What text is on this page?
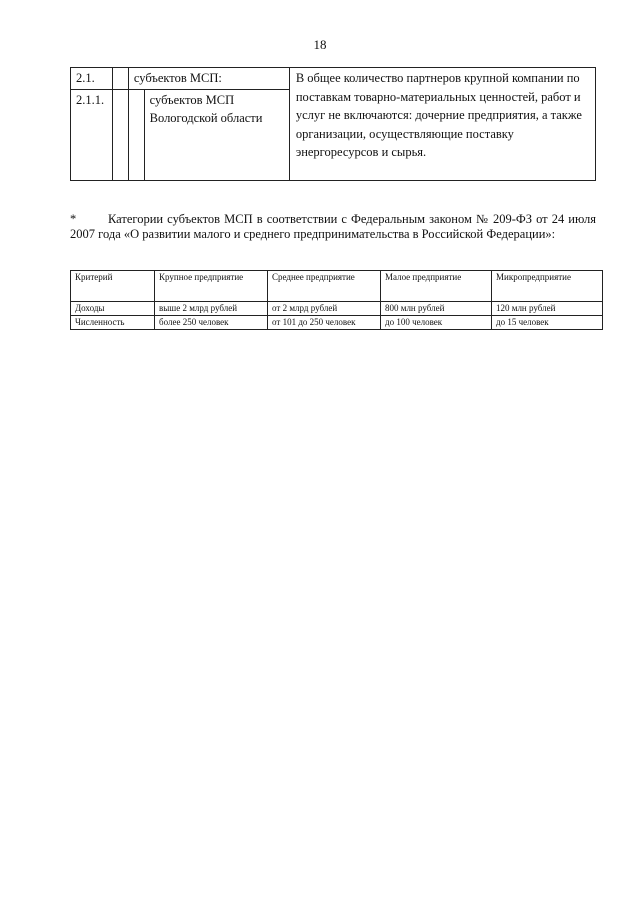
18
2.1.		субъектов МСП:		В общее количество партнеров крупной компании по поставкам товарно-материальных ценностей, работ и услуг не включаются: дочерние предприятия, а также организации, осуществляющие поставку энергоресурсов и сырья.
2.1.1.			субъектов МСП Вологодской области	
*	Категории субъектов МСП в соответствии с Федеральным законом № 209-ФЗ от 24 июля 2007 года «О развитии малого и среднего предпринимательства в Российской Федерации»:
Критерий	Крупное предприятие	Среднее предприятие	Малое предприятие	Микропредприятие
Доходы	выше 2 млрд рублей	от 2 млрд рублей	800 млн рублей	120 млн рублей
Численность	более 250 человек	от 101 до 250 человек	до 100 человек	до 15 человек
